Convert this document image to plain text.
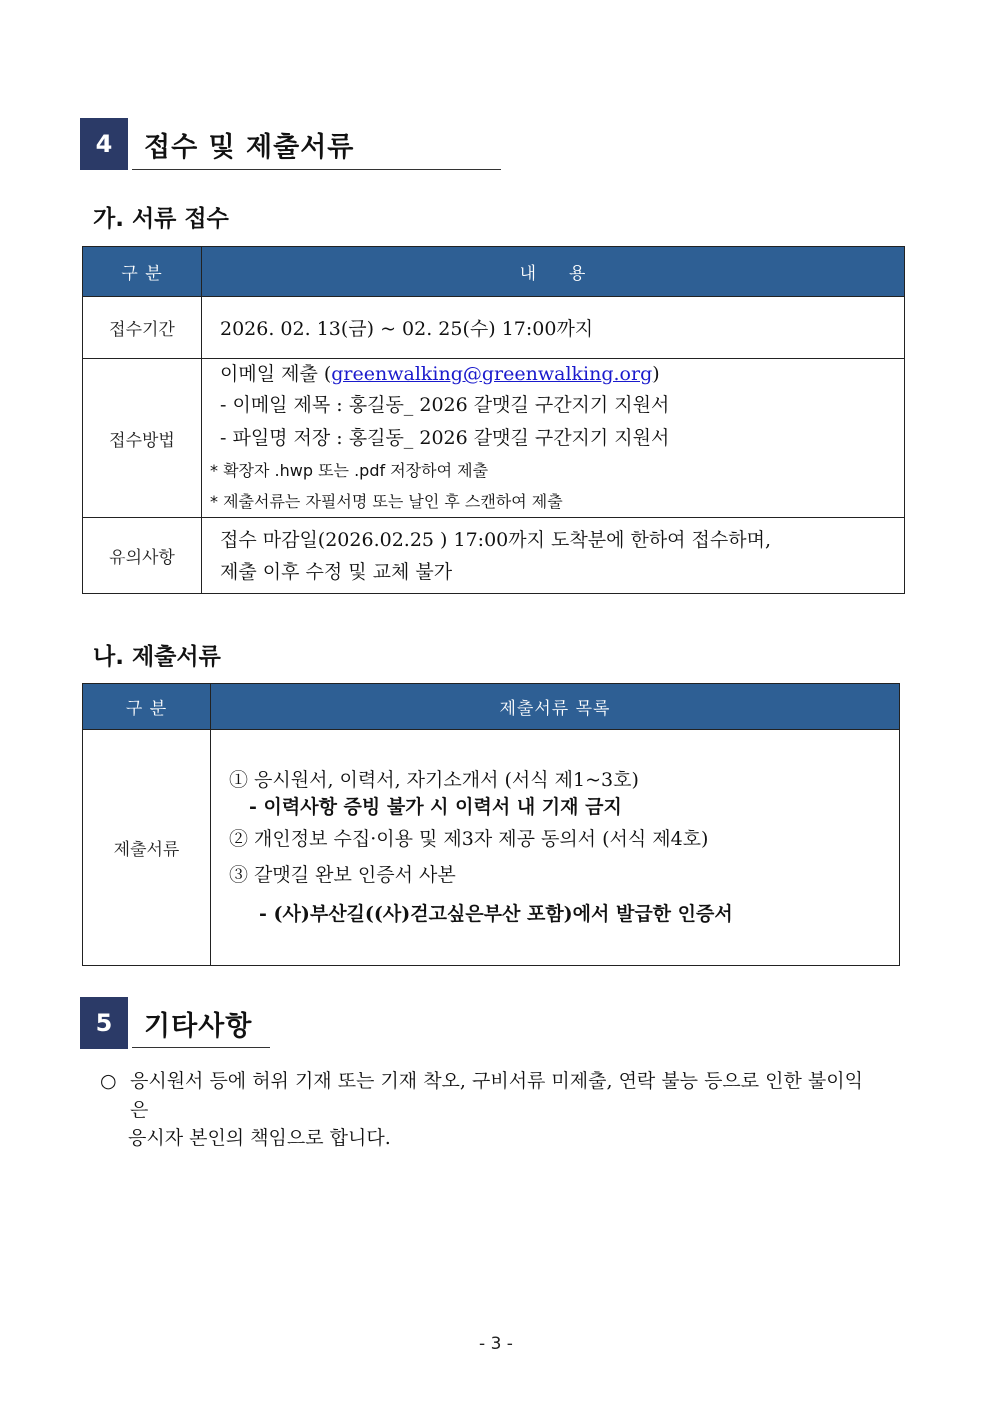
4	접수 및 제출서류
가. 서류 접수
구 분	내     용
접수기간	2026. 02. 13(금) ~ 02. 25(수) 17:00까지
접수방법	이메일 제출 (greenwalking@greenwalking.org)
- 이메일 제목 : 홍길동_ 2026 갈맷길 구간지기 지원서
- 파일명 저장 : 홍길동_ 2026 갈맷길 구간지기 지원서
* 확장자 .hwp 또는 .pdf 저장하여 제출
* 제출서류는 자필서명 또는 날인 후 스캔하여 제출

유의사항	접수 마감일(2026.02.25 ) 17:00까지 도착분에 한하여 접수하며,
제출 이후 수정 및 교체 불가
나. 제출서류
구 분	제출서류 목록
제출서류	① 응시원서, 이력서, 자기소개서 (서식 제1~3호)
- 이력사항 증빙 불가 시 이력서 내 기재 금지
② 개인정보 수집·이용 및 제3자 제공 동의서 (서식 제4호)
③ 갈맷길 완보 인증서 사본
- (사)부산길((사)걷고싶은부산 포함)에서 발급한 인증서
5	기타사항
○ 응시원서 등에 허위 기재 또는 기재 착오, 구비서류 미제출, 연락 불능 등으로 인한 불이익
은
응시자 본인의 책임으로 합니다.
- 3 -
